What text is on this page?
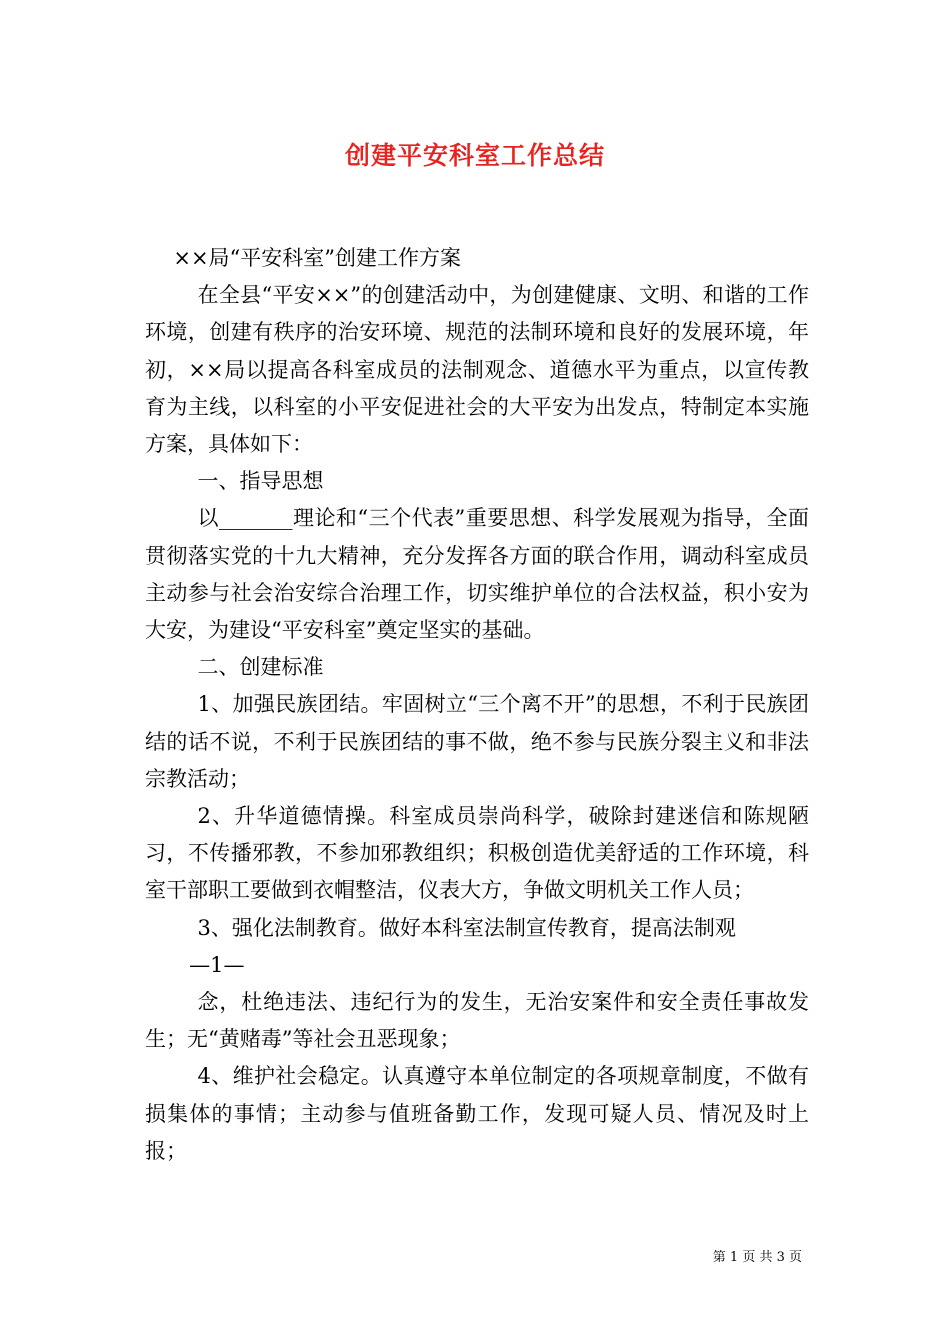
创建平安科室工作总结

××局“平安科室”创建工作方案

在全县“平安××”的创建活动中，为创建健康、文明、和谐的工作环境，创建有秩序的治安环境、规范的法制环境和良好的发展环境，年初，××局以提高各科室成员的法制观念、道德水平为重点，以宣传教育为主线，以科室的小平安促进社会的大平安为出发点，特制定本实施方案，具体如下：

一、指导思想

以_______理论和“三个代表”重要思想、科学发展观为指导，全面贯彻落实党的十九大精神，充分发挥各方面的联合作用，调动科室成员主动参与社会治安综合治理工作，切实维护单位的合法权益，积小安为大安，为建设“平安科室”奠定坚实的基础。

二、创建标准

1、加强民族团结。牢固树立“三个离不开”的思想，不利于民族团结的话不说，不利于民族团结的事不做，绝不参与民族分裂主义和非法宗教活动；

2、升华道德情操。科室成员崇尚科学，破除封建迷信和陈规陋习，不传播邪教，不参加邪教组织；积极创造优美舒适的工作环境，科室干部职工要做到衣帽整洁，仪表大方，争做文明机关工作人员；

3、强化法制教育。做好本科室法制宣传教育，提高法制观

—1—

念，杜绝违法、违纪行为的发生，无治安案件和安全责任事故发生；无“黄赌毒”等社会丑恶现象；

4、维护社会稳定。认真遵守本单位制定的各项规章制度，不做有损集体的事情；主动参与值班备勤工作，发现可疑人员、情况及时上报；

第 1 页 共 3 页
